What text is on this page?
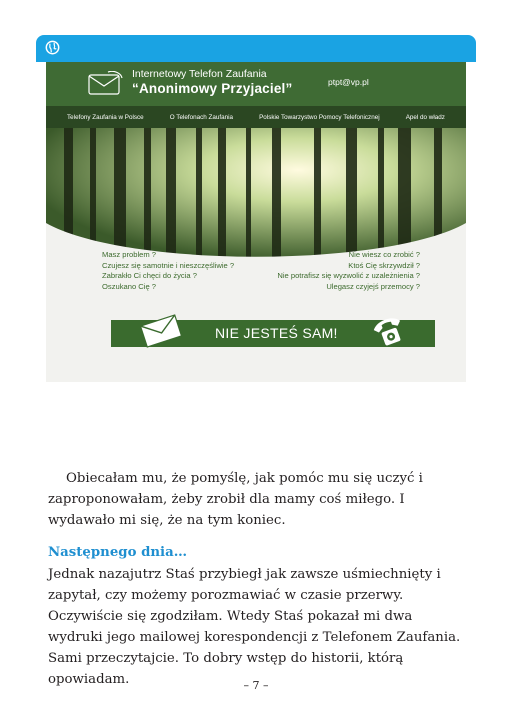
Internetowy Telefon Zaufania
“Anonimowy Przyjaciel”	ptpt@vp.pl
Telefony Zaufania w Polsce	O Telefonach Zaufania	Polskie Towarzystwo Pomocy Telefonicznej	Apel do władz
Masz problem ?
Czujesz się samotnie i nieszczęśliwie ?
Zabrakło Ci chęci do życia ?
Oszukano Cię ?
Nie wiesz co zrobić ?
Ktoś Cię skrzywdził ?
Nie potrafisz się wyzwolić z uzależnienia ?
Ulegasz czyjejś przemocy ?
NIE JESTEŚ SAM!
Obiecałam mu, że pomyślę, jak pomóc mu się uczyć i zaproponowałam, żeby zrobił dla mamy coś miłego. I wydawało mi się, że na tym koniec.
Następnego dnia…
Jednak nazajutrz Staś przybiegł jak zawsze uśmiechnięty i zapytał, czy możemy porozmawiać w czasie przerwy. Oczywiście się zgodziłam. Wtedy Staś pokazał mi dwa wydruki jego mailowej korespondencji z Telefonem Zaufania. Sami przeczytajcie. To dobry wstęp do historii, którą opowiadam.	– 7 –
